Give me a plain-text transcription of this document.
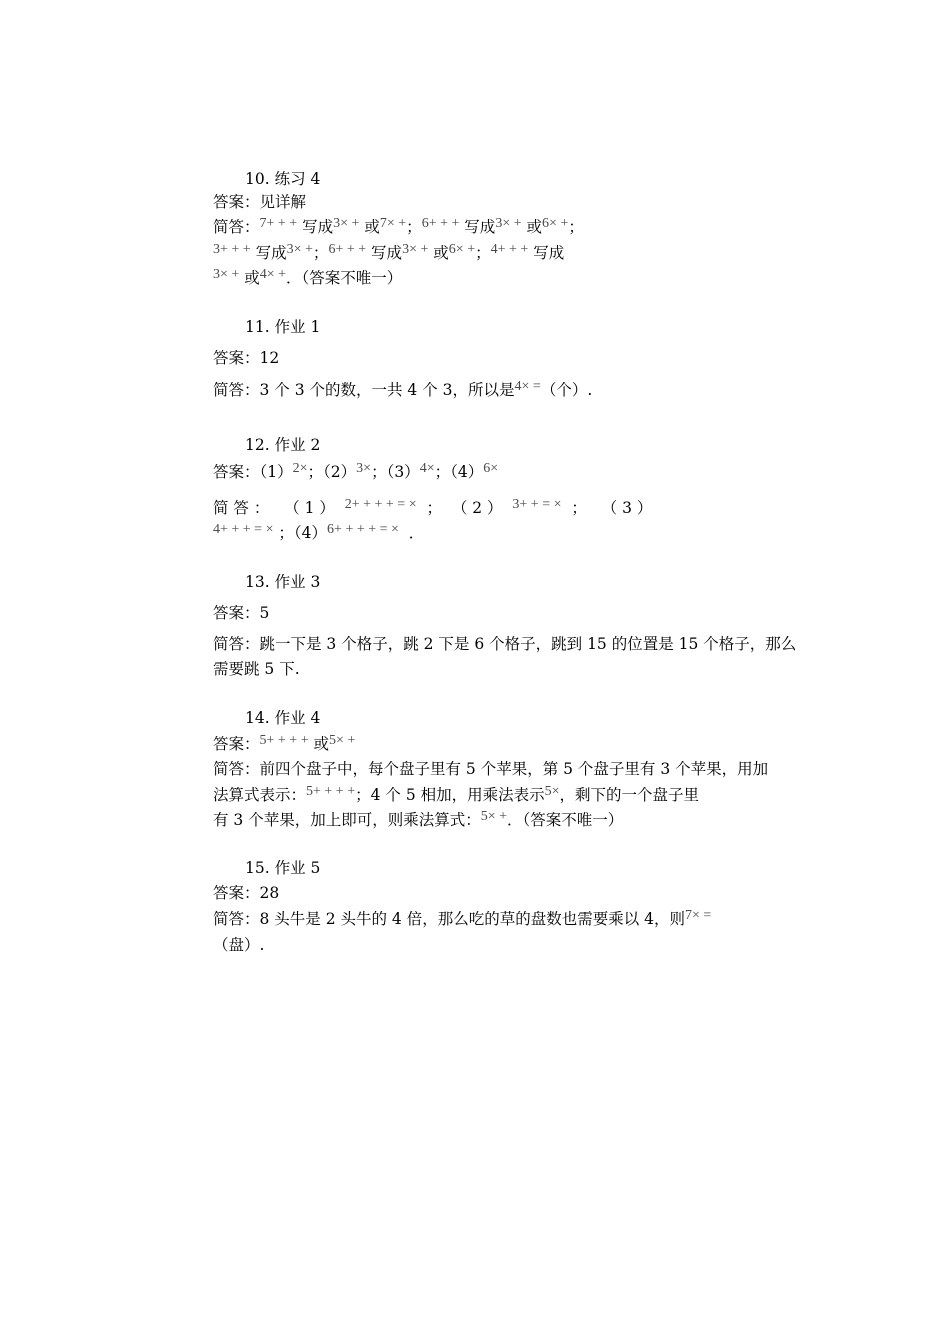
10. 练习 4
答案：见详解
简答：7+ + + 写成3× + 或7× +；6+ + + 写成3× + 或6× +；
3+ + + 写成3× +；6+ + + 写成3× + 或6× +；4+ + + 写成
3× + 或4× +．（答案不唯一）
11. 作业 1
答案：12
简答：3 个 3 个的数，一共 4 个 3，所以是4× =（个）.
12. 作业 2
答案：（1）2×；（2）3×；（3）4×；（4）6×
简 答 ： （ 1 ） 2+ + + + = × ； （ 2 ） 3+ + = × ； （ 3 ）
4+ + + = × ；（4）6+ + + + = × ．
13. 作业 3
答案：5
简答：跳一下是 3 个格子，跳 2 下是 6 个格子，跳到 15 的位置是 15 个格子，那么
需要跳 5 下.
14. 作业 4
答案：5+ + + + 或5× +
简答：前四个盘子中，每个盘子里有 5 个苹果，第 5 个盘子里有 3 个苹果，用加
法算式表示：5+ + + +；4 个 5 相加，用乘法表示5×，剩下的一个盘子里
有 3 个苹果，加上即可，则乘法算式：5× +．（答案不唯一）
15. 作业 5
答案：28
简答：8 头牛是 2 头牛的 4 倍，那么吃的草的盘数也需要乘以 4，则7× =
（盘）.
